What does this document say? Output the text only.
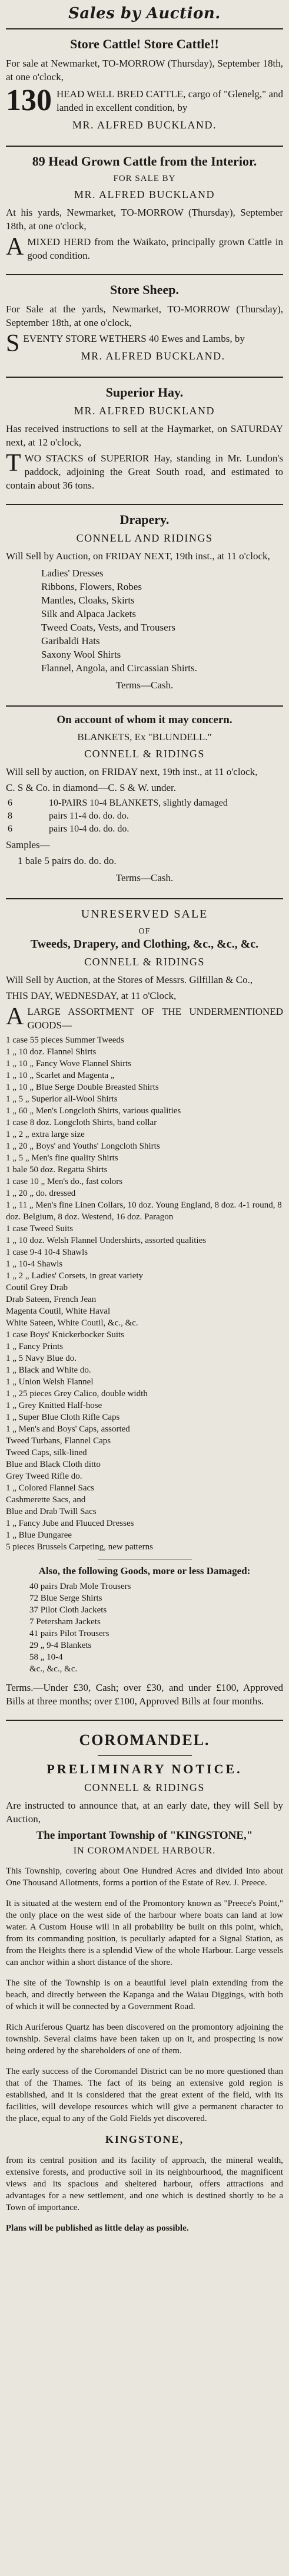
Sales by Auction.
Store Cattle! Store Cattle!!

For sale at Newmarket, TO-MORROW (Thursday), September 18th, at one o'clock,

130 HEAD WELL BRED CATTLE, cargo of "Glenelg," and landed in excellent condition, by
MR. ALFRED BUCKLAND.
89 Head Grown Cattle from the Interior.
FOR SALE BY
MR. ALFRED BUCKLAND

At his yards, Newmarket, TO-MORROW (Thursday), September 18th, at one o'clock,

A MIXED HERD from the Waikato, principally grown Cattle in good condition.

Store Sheep.

For Sale at the yards, Newmarket, TO-MORROW (Thursday), September 18th, at one o'clock,

S EVENTY STORE WETHERS 40 Ewes and Lambs, by

MR. ALFRED BUCKLAND.
Superior Hay.
MR. ALFRED BUCKLAND

Has received instructions to sell at the Haymarket, on SATURDAY next, at 12 o'clock,

T WO STACKS of SUPERIOR Hay, standing in Mr. Lundon's paddock, adjoining the Great South road, and estimated to contain about 36 tons.

Drapery.
CONNELL AND RIDINGS

Will Sell by Auction, on FRIDAY NEXT, 19th inst., at 11 o'clock,

Ladies' Dresses
Ribbons, Flowers, Robes
Mantles, Cloaks, Skirts
Silk and Alpaca Jackets
Tweed Coats, Vests, and Trousers
Garibaldi Hats
Saxony Wool Shirts
Flannel, Angola, and Circassian Shirts.
Terms—Cash.
On account of whom it may concern.
BLANKETS, Ex "BLUNDELL."
CONNELL & RIDINGS

Will sell by auction, on FRIDAY next, 19th inst., at 11 o'clock,

C. S & Co. in diamond—C. S & W. under.

6	10-PAIRS 10-4 BLANKETS, slightly damaged
8	pairs 11-4 do. do. do.
6	pairs 10-4 do. do. do.

Samples—

1 bale 5 pairs do. do. do.

Terms—Cash.
UNRESERVED SALE
OF
Tweeds, Drapery, and Clothing, &c., &c., &c.
CONNELL & RIDINGS

Will Sell by Auction, at the Stores of Messrs. Gilfillan & Co.,

THIS DAY, WEDNESDAY, at 11 o'Clock,

A LARGE ASSORTMENT OF THE UNDERMENTIONED GOODS—

1 case 55 pieces Summer Tweeds
1 „ 10 doz. Flannel Shirts
1 „ 10 „ Fancy Wove Flannel Shirts
1 „ 10 „ Scarlet and Magenta „
1 „ 10 „ Blue Serge Double Breasted Shirts
1 „ 5 „ Superior all-Wool Shirts
1 „ 60 „ Men's Longcloth Shirts, various qualities
1 case 8 doz. Longcloth Shirts, band collar
1 „ 2 „ extra large size
1 „ 20 „ Boys' and Youths' Longcloth Shirts
1 „ 5 „ Men's fine quality Shirts
1 bale 50 doz. Regatta Shirts
1 case 10 „ Men's do., fast colors
1 „ 20 „ do. dressed
1 „ 11 „ Men's fine Linen Collars, 10 doz. Young England, 8 doz. 4-1 round, 8 doz. Belgium, 8 doz. Westend, 16 doz. Paragon
1 case Tweed Suits
1 „ 10 doz. Welsh Flannel Undershirts, assorted qualities
1 case 9-4 10-4 Shawls
1 „ 10-4 Shawls
1 „ 2 „ Ladies' Corsets, in great variety
Coutil Grey Drab
Drab Sateen, French Jean
Magenta Coutil, White Haval
White Sateen, White Coutil, &c., &c.
1 case Boys' Knickerbocker Suits
1 „ Fancy Prints
1 „ 5 Navy Blue do.
1 „ Black and White do.
1 „ Union Welsh Flannel
1 „ 25 pieces Grey Calico, double width
1 „ Grey Knitted Half-hose
1 „ Super Blue Cloth Rifle Caps
1 „ Men's and Boys' Caps, assorted
Tweed Turbans, Flannel Caps
Tweed Caps, silk-lined
Blue and Black Cloth ditto
Grey Tweed Rifle do.
1 „ Colored Flannel Sacs
Cashmerette Sacs, and
Blue and Drab Twill Sacs
1 „ Fancy Jube and Fluuced Dresses
1 „ Blue Dungaree
5 pieces Brussels Carpeting, new patterns
Also, the following Goods, more or less Damaged:
40 pairs Drab Mole Trousers
72 Blue Serge Shirts
37 Pilot Cloth Jackets
7 Petersham Jackets
41 pairs Pilot Trousers
29 „ 9-4 Blankets
58 „ 10-4
&c., &c., &c.

Terms.—Under £30, Cash; over £30, and under £100, Approved Bills at three months; over £100, Approved Bills at four months.

COROMANDEL.
PRELIMINARY NOTICE.
CONNELL & RIDINGS

Are instructed to announce that, at an early date, they will Sell by Auction,

The important Township of "KINGSTONE,"
IN COROMANDEL HARBOUR.

This Township, covering about One Hundred Acres and divided into about One Thousand Allotments, forms a portion of the Estate of Rev. J. Preece.

It is situated at the western end of the Promontory known as "Preece's Point," the only place on the west side of the harbour where boats can land at low water. A Custom House will in all probability be built on this point, which, from its commanding position, is peculiarly adapted for a Signal Station, as from the Heights there is a splendid View of the whole Harbour. Large vessels can anchor within a short distance of the shore.

The site of the Township is on a beautiful level plain extending from the beach, and directly between the Kapanga and the Waiau Diggings, with both of which it will be connected by a Government Road.

Rich Auriferous Quartz has been discovered on the promontory adjoining the township. Several claims have been taken up on it, and prospecting is now being ordered by the shareholders of one of them.

The early success of the Coromandel District can be no more questioned than that of the Thames. The fact of its being an extensive gold region is established, and it is considered that the great extent of the field, with its facilities, will develope resources which will give a permanent character to the place, equal to any of the Gold Fields yet discovered.

KINGSTONE,

from its central position and its facility of approach, the mineral wealth, extensive forests, and productive soil in its neighbourhood, the magnificent views and its spacious and sheltered harbour, offers attractions and advantages for a new settlement, and one which is destined shortly to be a Town of importance.

Plans will be published as little delay as possible.
